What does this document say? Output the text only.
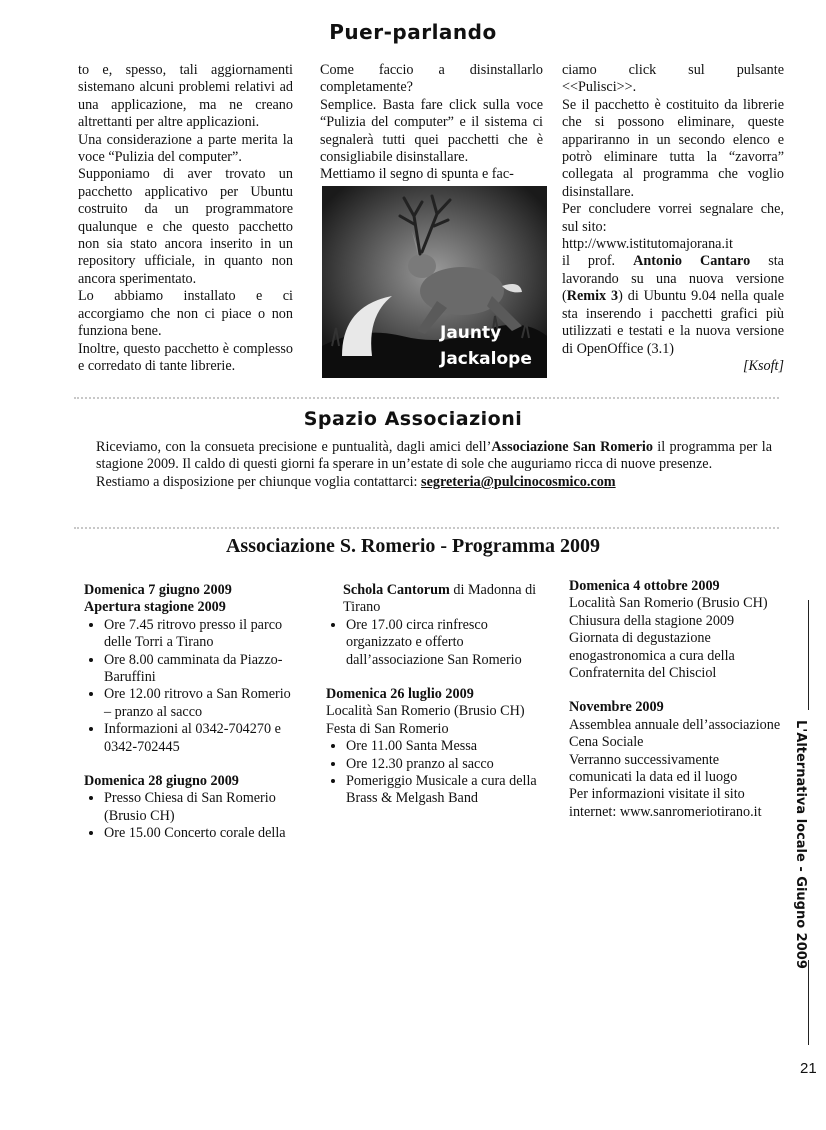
Puer-parlando

to e, spesso, tali aggiornamenti sistemano alcuni problemi relativi ad una applicazione, ma ne creano altrettanti per altre applicazioni.

Una considerazione a parte merita la voce “Pulizia del computer”.

Supponiamo di aver trovato un pacchetto applicativo per Ubuntu costruito da un programmatore qualunque e che questo pacchetto non sia stato ancora inserito in un repository ufficiale, in quanto non ancora sperimentato.

Lo abbiamo installato e ci accorgiamo che non ci piace o non funziona bene.

Inoltre, questo pacchetto è complesso e corredato di tante librerie.

Come faccio a disinstallarlo completamente?

Semplice. Basta fare click sulla voce “Pulizia del computer” e il sistema ci segnalerà tutti quei pacchetti che è consigliabile disinstallare.

Mettiamo il segno di spunta e fac-

Jaunty
Jackalope

ciamo click sul pulsante <<Pulisci>>.

Se il pacchetto è costituito da librerie che si possono eliminare, queste appariranno in un secondo elenco e potrò eliminare tutta la “zavorra” collegata al programma che voglio disinstallare.

Per concludere vorrei segnalare che, sul sito:

http://www.istitutomajorana.it

il prof. Antonio Cantaro sta lavorando su una nuova versione (Remix 3) di Ubuntu 9.04 nella quale sta inserendo i pacchetti grafici più utilizzati e testati e la nuova versione di OpenOffice (3.1)

[Ksoft]

Spazio Associazioni

Riceviamo, con la consueta precisione e puntualità, dagli amici dell’Associazione San Romerio il programma per la stagione 2009. Il caldo di questi giorni fa sperare in un’estate di sole che auguriamo ricca di nuove presenze.

Restiamo a disposizione per chiunque voglia contattarci: segreteria@pulcinocosmico.com

Associazione S. Romerio - Programma 2009
Domenica 7 giugno 2009
Apertura stagione 2009
• Ore 7.45 ritrovo presso il parco delle Torri a Tirano
• Ore 8.00 camminata da Piazzo-Baruffini
• Ore 12.00 ritrovo a San Romerio – pranzo al sacco
• Informazioni al 0342-704270 e 0342-702445
Domenica 28 giugno 2009
• Presso Chiesa di San Romerio (Brusio CH)
• Ore 15.00 Concerto corale della
Schola Cantorum di Madonna di Tirano
• Ore 17.00 circa rinfresco organizzato e offerto dall’associazione San Romerio
Domenica 26 luglio 2009
Località San Romerio (Brusio CH)
Festa di San Romerio
• Ore 11.00 Santa Messa
• Ore 12.30 pranzo al sacco
• Pomeriggio Musicale a cura della Brass & Melgash Band
Domenica 4 ottobre 2009
Località San Romerio (Brusio CH)
Chiusura della stagione 2009
Giornata di degustazione enogastronomica a cura della Confraternita del Chisciol
Novembre 2009
Assemblea annuale dell’associazione
Cena Sociale
Verranno successivamente comunicati la data ed il luogo
Per informazioni visitate il sito internet: www.sanromeriotirano.it	L'Alternativa locale - Giugno 2009
21
